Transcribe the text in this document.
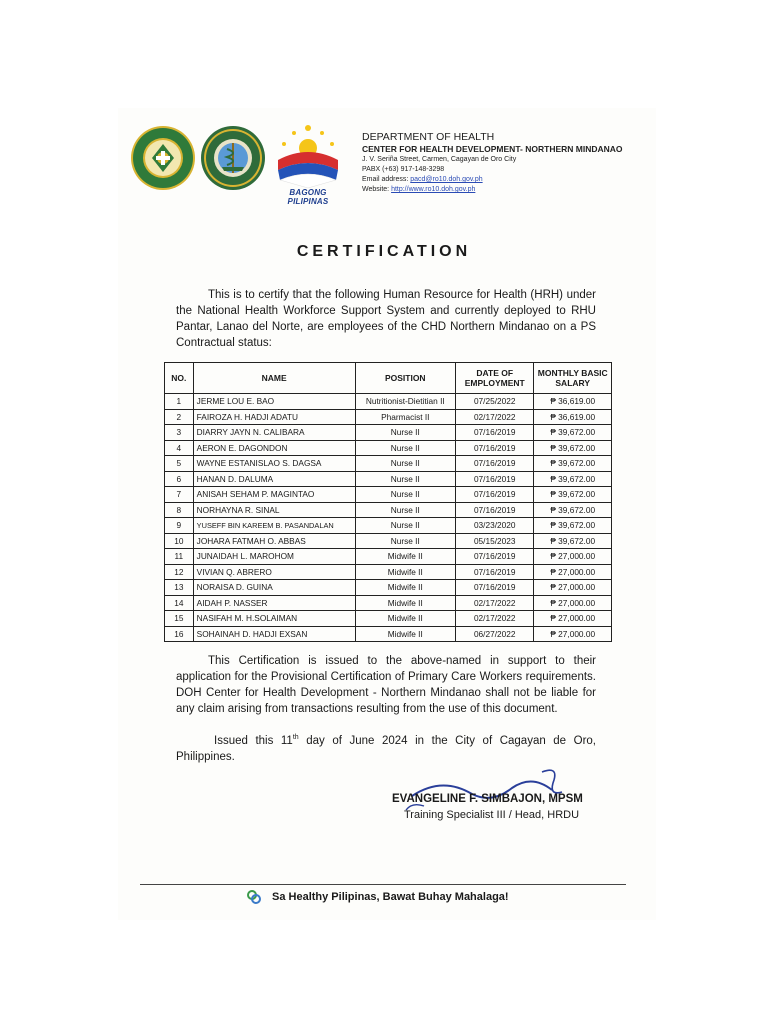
BAGONG PILIPINAS
DEPARTMENT OF HEALTH
CENTER FOR HEALTH DEVELOPMENT- NORTHERN MINDANAO
J. V. Seriña Street, Carmen, Cagayan de Oro City
PABX (+63) 917-148-3298
Email address: pacd@ro10.doh.gov.ph
Website: http://www.ro10.doh.gov.ph
CERTIFICATION
This is to certify that the following Human Resource for Health (HRH) under the National Health Workforce Support System and currently deployed to RHU Pantar, Lanao del Norte, are employees of the CHD Northern Mindanao on a PS Contractual status:
NO.	NAME	POSITION	DATE OF EMPLOYMENT	MONTHLY BASIC SALARY
1	JERME LOU E. BAO	Nutritionist-Dietitian II	07/25/2022	₱ 36,619.00
2	FAIROZA H. HADJI ADATU	Pharmacist II	02/17/2022	₱ 36,619.00
3	DIARRY JAYN N. CALIBARA	Nurse II	07/16/2019	₱ 39,672.00
4	AERON E. DAGONDON	Nurse II	07/16/2019	₱ 39,672.00
5	WAYNE ESTANISLAO S. DAGSA	Nurse II	07/16/2019	₱ 39,672.00
6	HANAN D. DALUMA	Nurse II	07/16/2019	₱ 39,672.00
7	ANISAH SEHAM P. MAGINTAO	Nurse II	07/16/2019	₱ 39,672.00
8	NORHAYNA R. SINAL	Nurse II	07/16/2019	₱ 39,672.00
9	YUSEFF BIN KAREEM B. PASANDALAN	Nurse II	03/23/2020	₱ 39,672.00
10	JOHARA FATMAH O. ABBAS	Nurse II	05/15/2023	₱ 39,672.00
11	JUNAIDAH L. MAROHOM	Midwife II	07/16/2019	₱ 27,000.00
12	VIVIAN Q. ABRERO	Midwife II	07/16/2019	₱ 27,000.00
13	NORAISA D. GUINA	Midwife II	07/16/2019	₱ 27,000.00
14	AIDAH P. NASSER	Midwife II	02/17/2022	₱ 27,000.00
15	NASIFAH M. H.SOLAIMAN	Midwife II	02/17/2022	₱ 27,000.00
16	SOHAINAH D. HADJI EXSAN	Midwife II	06/27/2022	₱ 27,000.00
This Certification is issued to the above-named in support to their application for the Provisional Certification of Primary Care Workers requirements. DOH Center for Health Development - Northern Mindanao shall not be liable for any claim arising from transactions resulting from the use of this document.
Issued this 11th day of June 2024 in the City of Cagayan de Oro, Philippines.
EVANGELINE F. SIMBAJON, MPSM
Training Specialist III / Head, HRDU
Sa Healthy Pilipinas, Bawat Buhay Mahalaga!
